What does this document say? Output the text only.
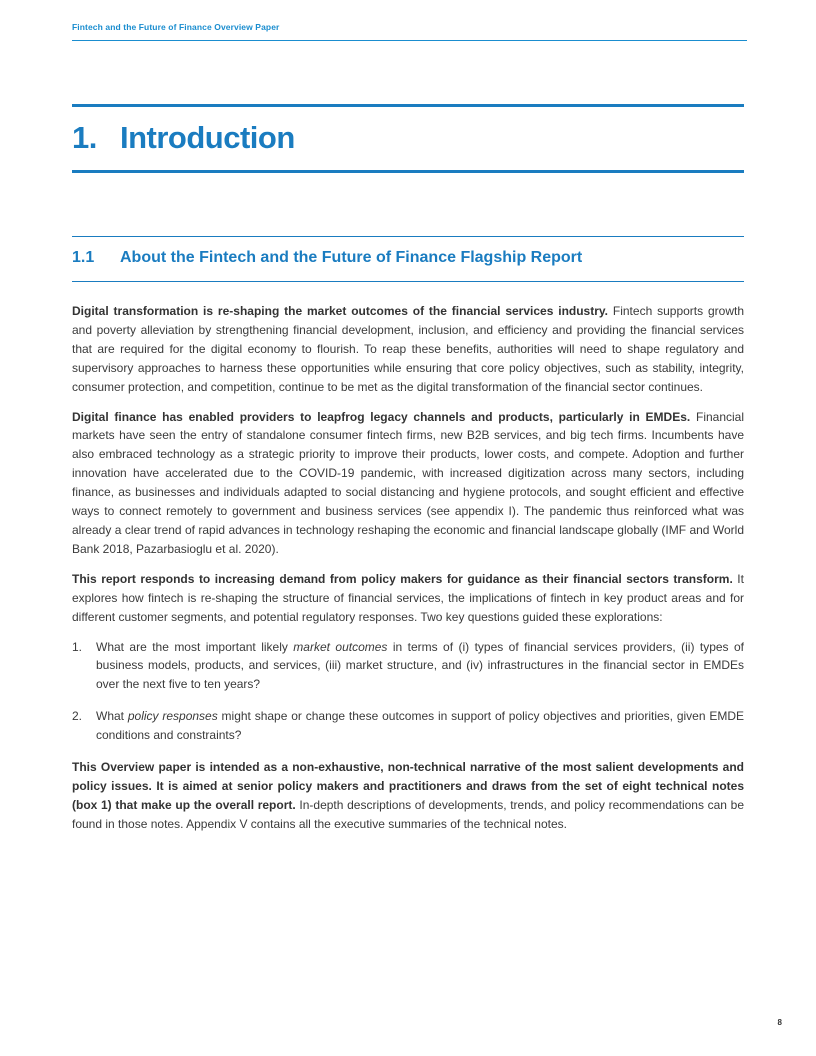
Fintech and the Future of Finance Overview Paper
1. Introduction
1.1 About the Fintech and the Future of Finance Flagship Report

Digital transformation is re-shaping the market outcomes of the financial services industry. Fintech supports growth and poverty alleviation by strengthening financial development, inclusion, and efficiency and providing the financial services that are required for the digital economy to flourish. To reap these benefits, authorities will need to shape regulatory and supervisory approaches to harness these opportunities while ensuring that core policy objectives, such as stability, integrity, consumer protection, and competition, continue to be met as the digital transformation of the financial sector continues.

Digital finance has enabled providers to leapfrog legacy channels and products, particularly in EMDEs. Financial markets have seen the entry of standalone consumer fintech firms, new B2B services, and big tech firms. Incumbents have also embraced technology as a strategic priority to improve their products, lower costs, and compete. Adoption and further innovation have accelerated due to the COVID-19 pandemic, with increased digitization across many sectors, including finance, as businesses and individuals adapted to social distancing and hygiene protocols, and sought efficient and effective ways to connect remotely to government and business services (see appendix I). The pandemic thus reinforced what was already a clear trend of rapid advances in technology reshaping the economic and financial landscape globally (IMF and World Bank 2018, Pazarbasioglu et al. 2020).

This report responds to increasing demand from policy makers for guidance as their financial sectors transform. It explores how fintech is re-shaping the structure of financial services, the implications of fintech in key product areas and for different customer segments, and potential regulatory responses. Two key questions guided these explorations:

1. What are the most important likely market outcomes in terms of (i) types of financial services providers, (ii) types of business models, products, and services, (iii) market structure, and (iv) infrastructures in the financial sector in EMDEs over the next five to ten years?
2. What policy responses might shape or change these outcomes in support of policy objectives and priorities, given EMDE conditions and constraints?

This Overview paper is intended as a non-exhaustive, non-technical narrative of the most salient developments and policy issues. It is aimed at senior policy makers and practitioners and draws from the set of eight technical notes (box 1) that make up the overall report. In-depth descriptions of developments, trends, and policy recommendations can be found in those notes. Appendix V contains all the executive summaries of the technical notes.

8
